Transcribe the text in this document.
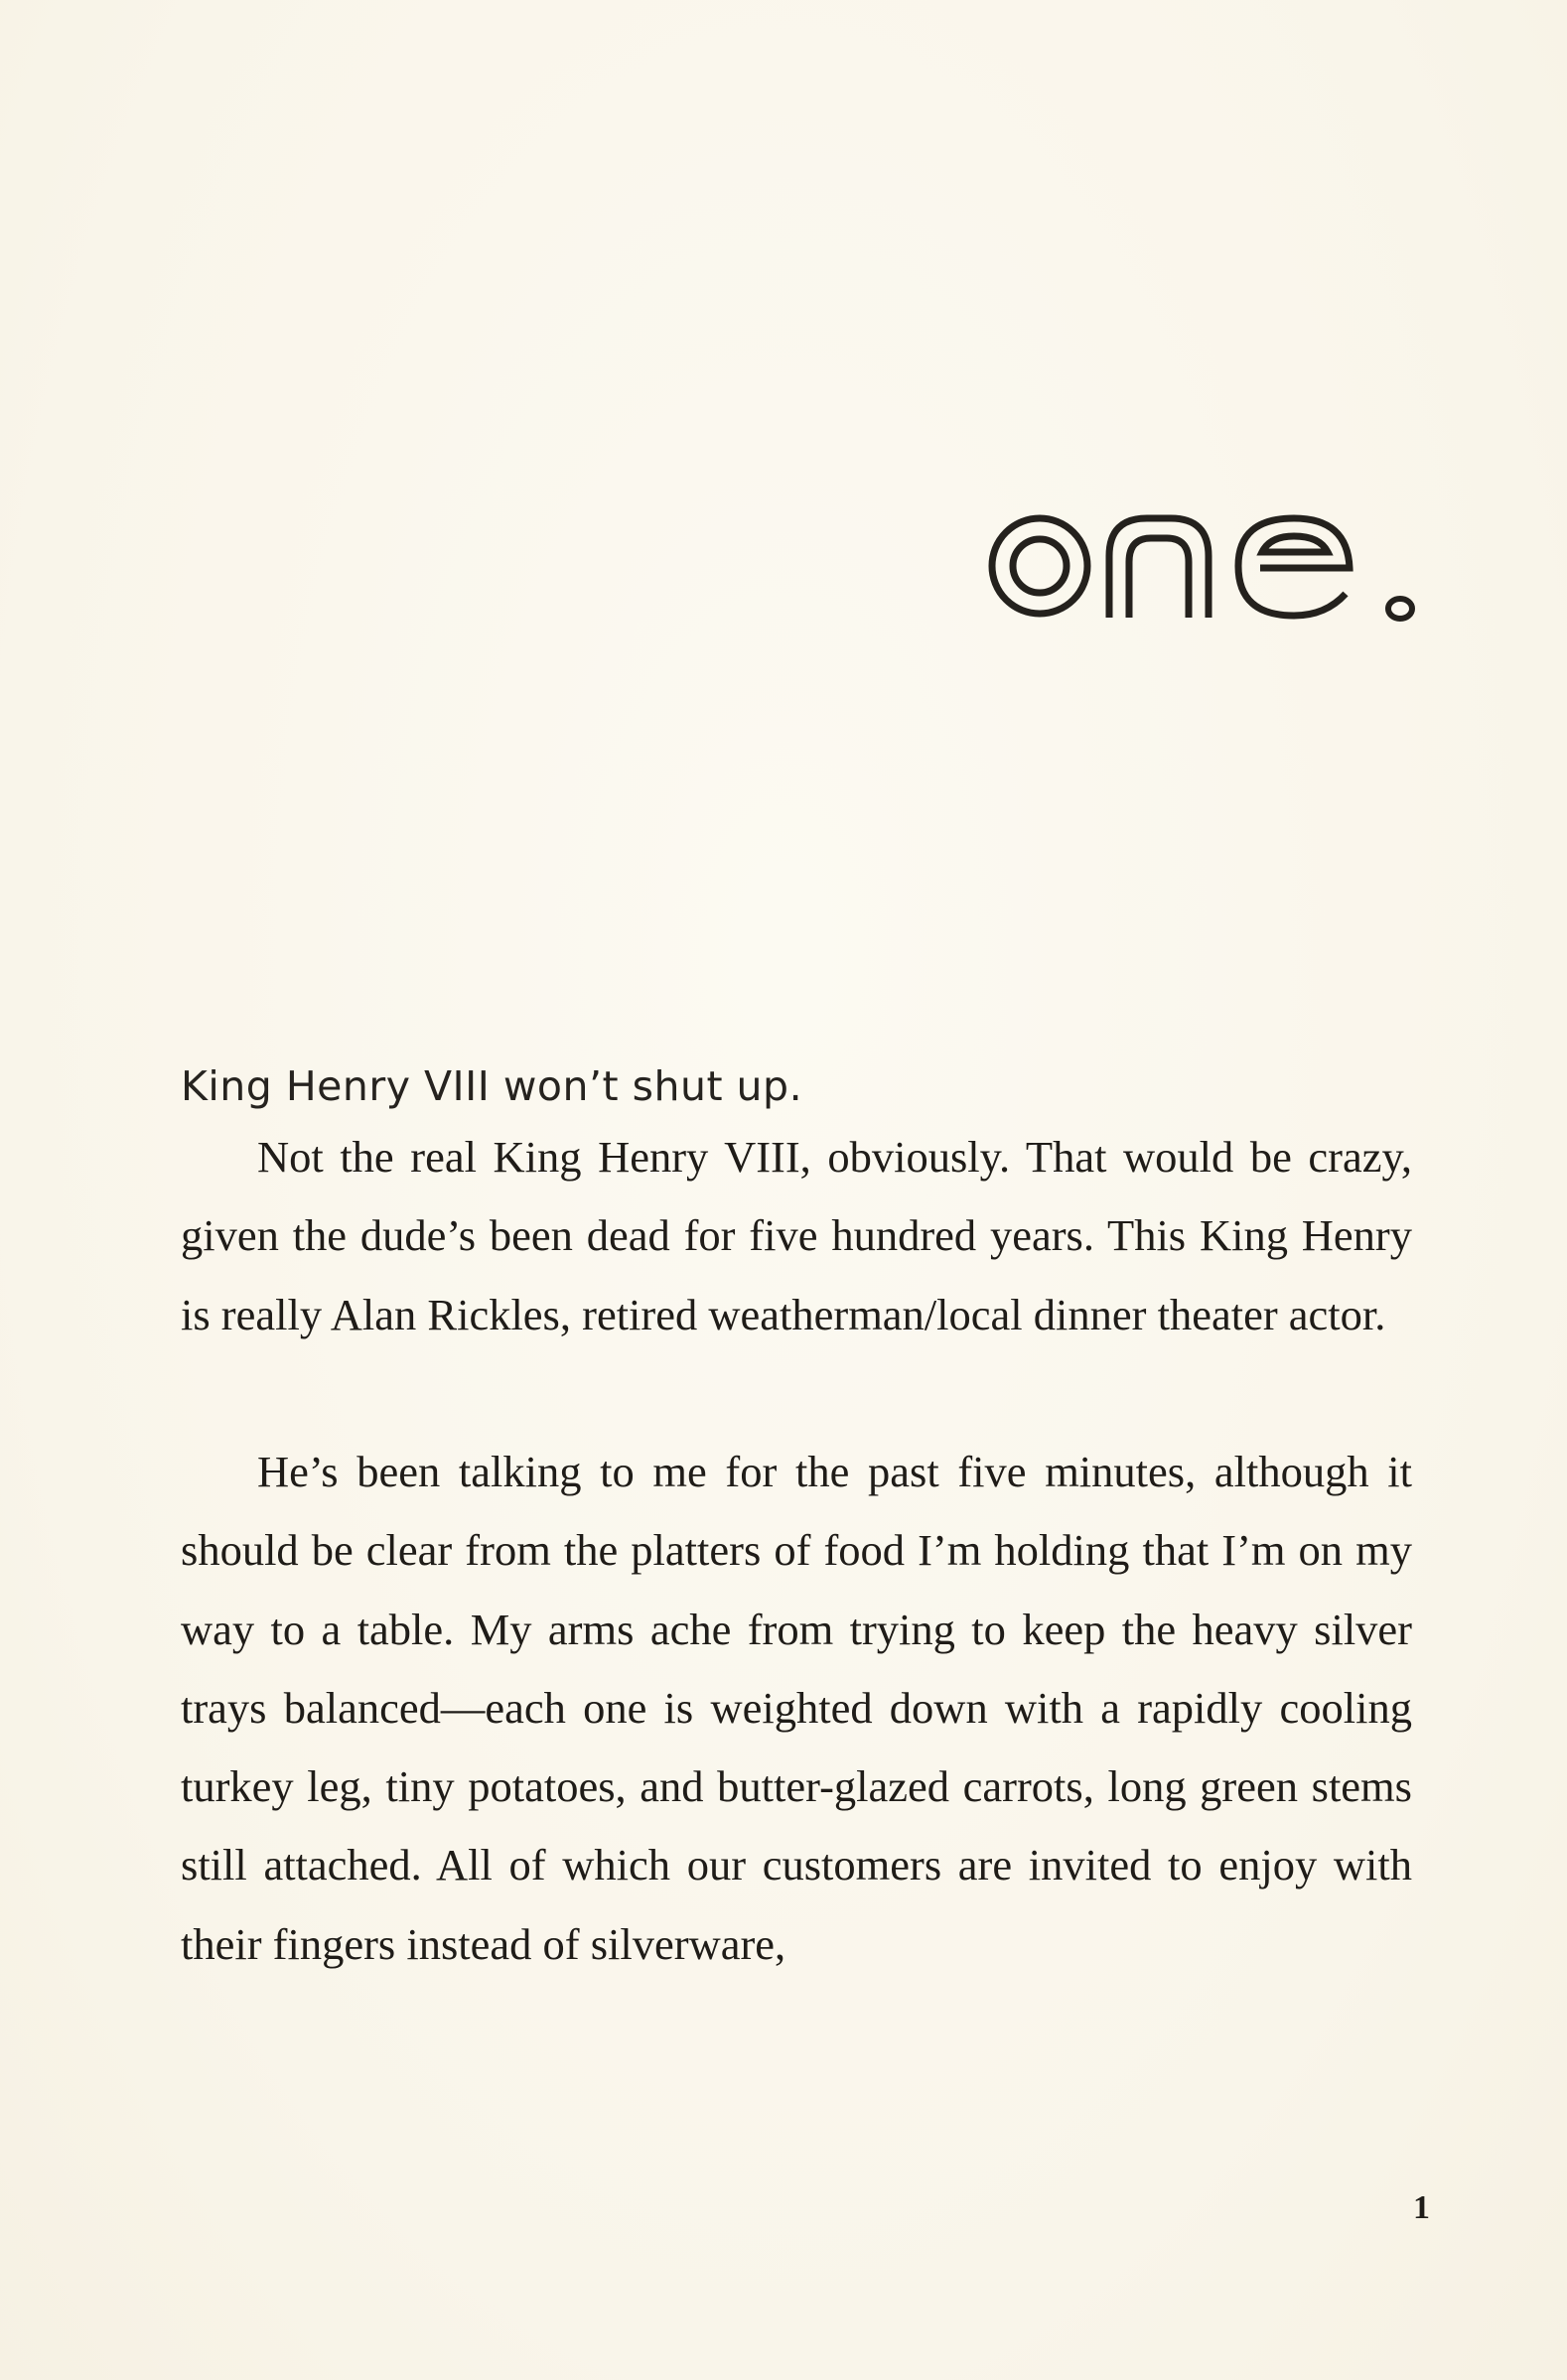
one.

King Henry VIII won’t shut up.

Not the real King Henry VIII, obviously. That would be crazy, given the dude’s been dead for five hundred years. This King Henry is really Alan Rickles, retired weatherman/local dinner theater actor.

He’s been talking to me for the past five minutes, although it should be clear from the platters of food I’m holding that I’m on my way to a table. My arms ache from trying to keep the heavy silver trays balanced—each one is weighted down with a rapidly cooling turkey leg, tiny potatoes, and butter-glazed carrots, long green stems still attached. All of which our customers are invited to enjoy with their fingers instead of silverware,

1
